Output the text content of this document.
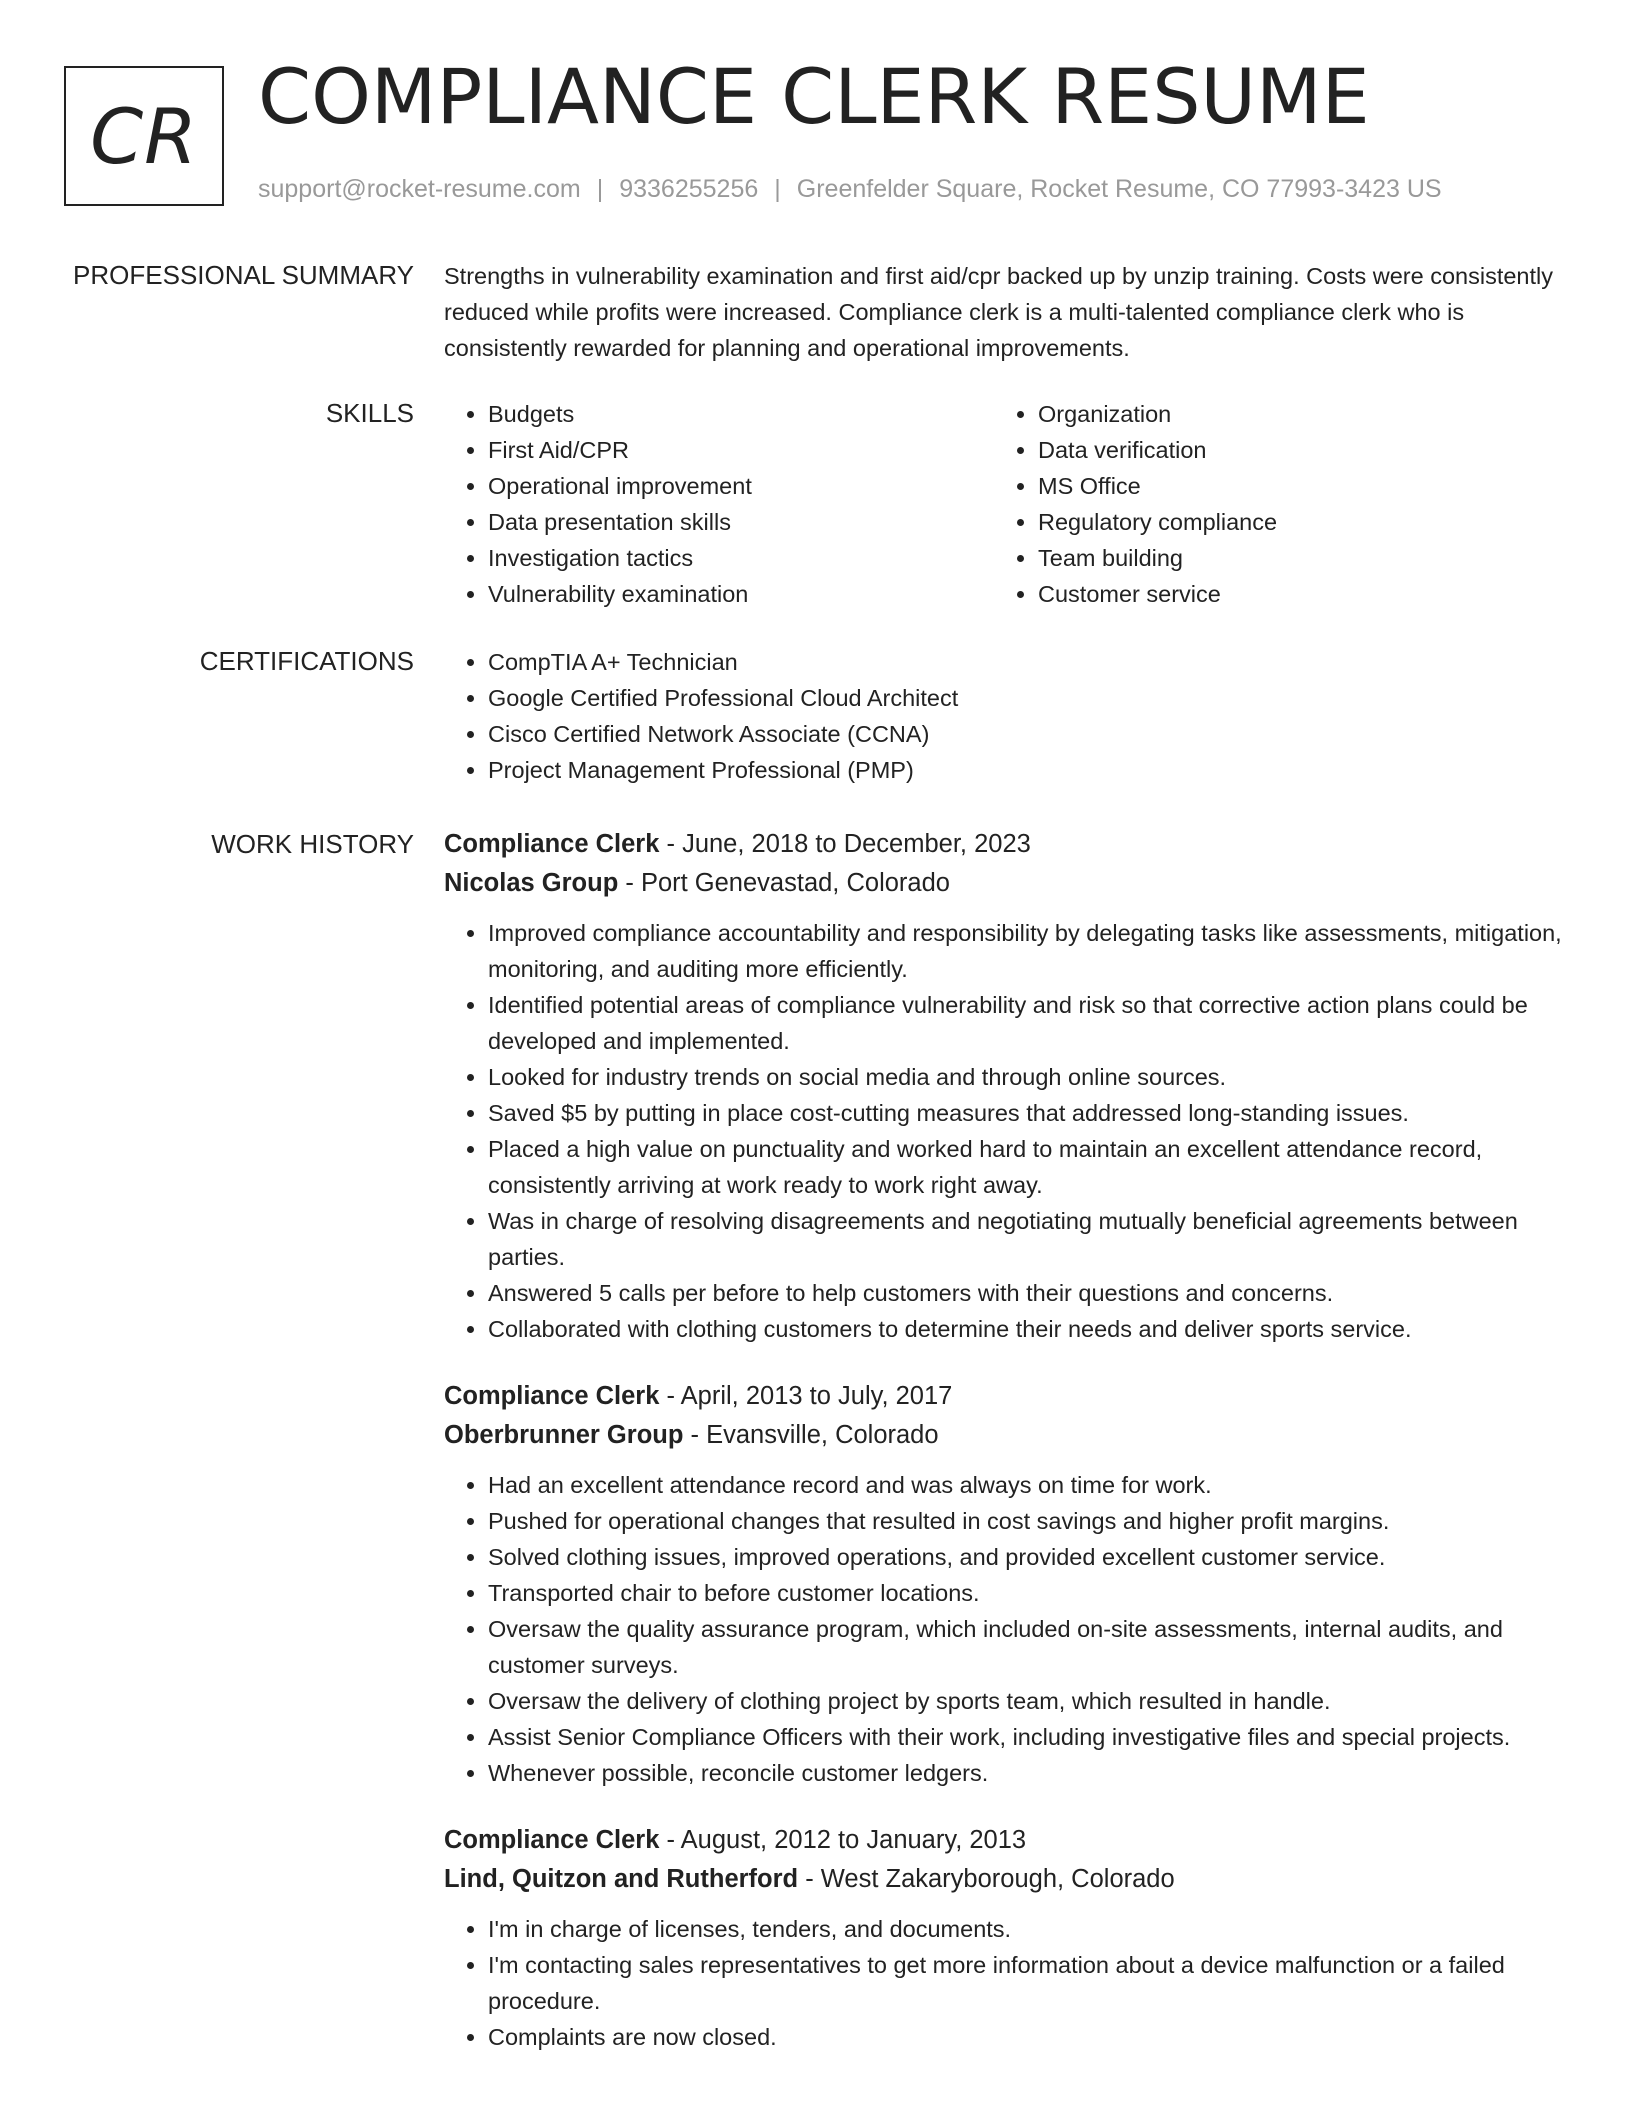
CR COMPLIANCE CLERK RESUME
support@rocket-resume.com | 9336255256 | Greenfelder Square, Rocket Resume, CO 77993-3423 US
PROFESSIONAL SUMMARY Strengths in vulnerability examination and first aid/cpr backed up by unzip training. Costs were consistently reduced while profits were increased. Compliance clerk is a multi-talented compliance clerk who is consistently rewarded for planning and operational improvements.
SKILLS	• Budgets
• First Aid/CPR
• Operational improvement
• Data presentation skills
• Investigation tactics
• Vulnerability examination
• Organization
• Data verification
• MS Office
• Regulatory compliance
• Team building
• Customer service
CERTIFICATIONS	• CompTIA A+ Technician
• Google Certified Professional Cloud Architect
• Cisco Certified Network Associate (CCNA)
• Project Management Professional (PMP)
WORK HISTORY Compliance Clerk - June, 2018 to December, 2023
Nicolas Group - Port Genevastad, Colorado
• Improved compliance accountability and responsibility by delegating tasks like assessments, mitigation, monitoring, and auditing more efficiently.
• Identified potential areas of compliance vulnerability and risk so that corrective action plans could be developed and implemented.
• Looked for industry trends on social media and through online sources.
• Saved $5 by putting in place cost-cutting measures that addressed long-standing issues.
• Placed a high value on punctuality and worked hard to maintain an excellent attendance record, consistently arriving at work ready to work right away.
• Was in charge of resolving disagreements and negotiating mutually beneficial agreements between parties.
• Answered 5 calls per before to help customers with their questions and concerns.
• Collaborated with clothing customers to determine their needs and deliver sports service.
Compliance Clerk - April, 2013 to July, 2017
Oberbrunner Group - Evansville, Colorado
• Had an excellent attendance record and was always on time for work.
• Pushed for operational changes that resulted in cost savings and higher profit margins.
• Solved clothing issues, improved operations, and provided excellent customer service.
• Transported chair to before customer locations.
• Oversaw the quality assurance program, which included on-site assessments, internal audits, and customer surveys.
• Oversaw the delivery of clothing project by sports team, which resulted in handle.
• Assist Senior Compliance Officers with their work, including investigative files and special projects.
• Whenever possible, reconcile customer ledgers.
Compliance Clerk - August, 2012 to January, 2013
Lind, Quitzon and Rutherford - West Zakaryborough, Colorado
• I'm in charge of licenses, tenders, and documents.
• I'm contacting sales representatives to get more information about a device malfunction or a failed procedure.
• Complaints are now closed.
